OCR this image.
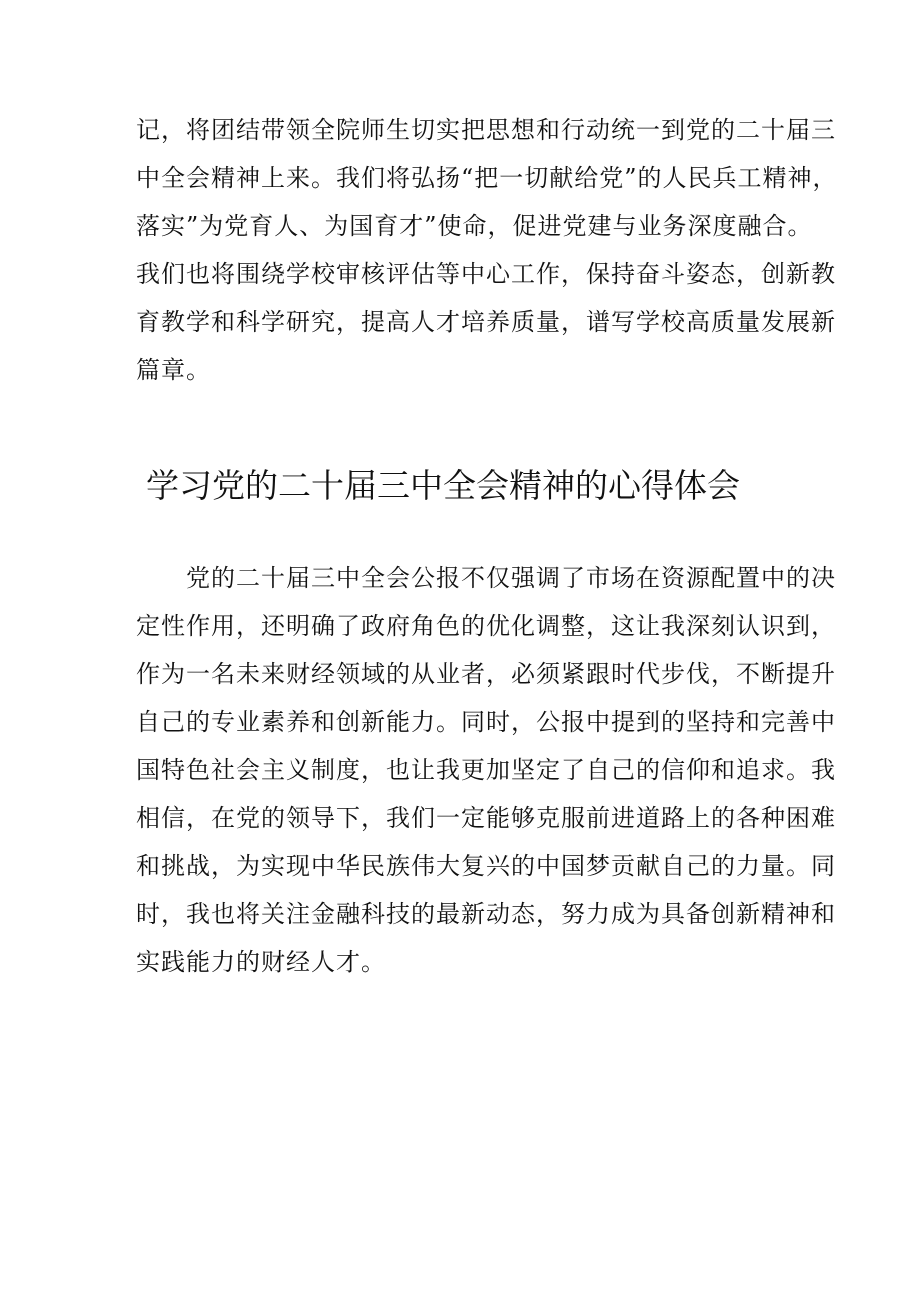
记，将团结带领全院师生切实把思想和行动统一到党的二十届三
中全会精神上来。我们将弘扬“把一切献给党”的人民兵工精神，
落实”为党育人、为国育才”使命，促进党建与业务深度融合。
我们也将围绕学校审核评估等中心工作，保持奋斗姿态，创新教
育教学和科学研究，提高人才培养质量，谱写学校高质量发展新
篇章。
学习党的二十届三中全会精神的心得体会
　　党的二十届三中全会公报不仅强调了市场在资源配置中的决
定性作用，还明确了政府角色的优化调整，这让我深刻认识到，
作为一名未来财经领域的从业者，必须紧跟时代步伐，不断提升
自己的专业素养和创新能力。同时，公报中提到的坚持和完善中
国特色社会主义制度，也让我更加坚定了自己的信仰和追求。我
相信，在党的领导下，我们一定能够克服前进道路上的各种困难
和挑战，为实现中华民族伟大复兴的中国梦贡献自己的力量。同
时，我也将关注金融科技的最新动态，努力成为具备创新精神和
实践能力的财经人才。
